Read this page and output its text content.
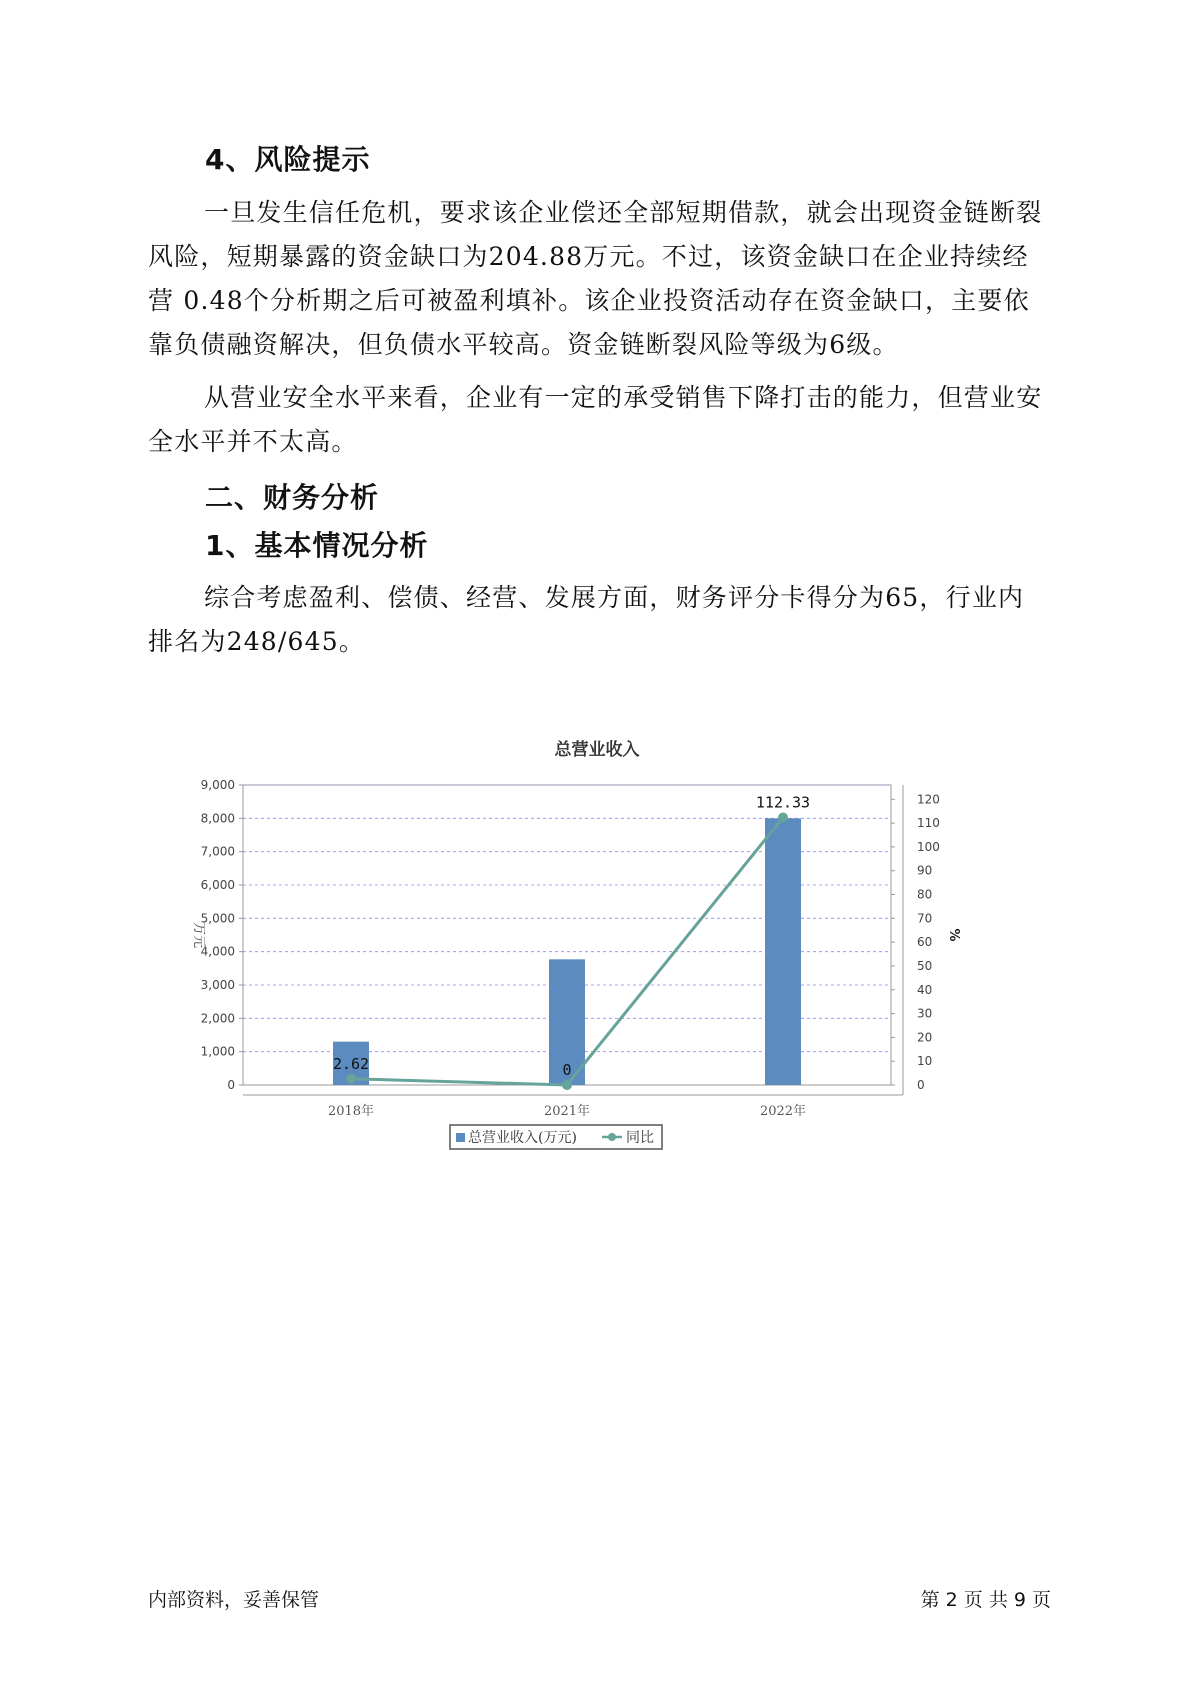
4、风险提示

一旦发生信任危机，要求该企业偿还全部短期借款，就会出现资金链断裂风险，短期暴露的资金缺口为204.88万元。不过，该资金缺口在企业持续经营 0.48个分析期之后可被盈利填补。该企业投资活动存在资金缺口，主要依靠负债融资解决，但负债水平较高。资金链断裂风险等级为6级。

从营业安全水平来看，企业有一定的承受销售下降打击的能力，但营业安全水平并不太高。

二、财务分析
1、基本情况分析

综合考虑盈利、偿债、经营、发展方面，财务评分卡得分为65，行业内排名为248/645。

总营业收入
2.62	0
112.33
0
1,000
2,000
3,000
4,000
5,000
6,000
7,000
8,000
9,000
0
10
20
30
40
50
60
70
80
90
100
110
120
万元	%
2018年	2021年	2022年
总营业收入(万元)	同比
内部资料，妥善保管	第 2 页 共 9 页
